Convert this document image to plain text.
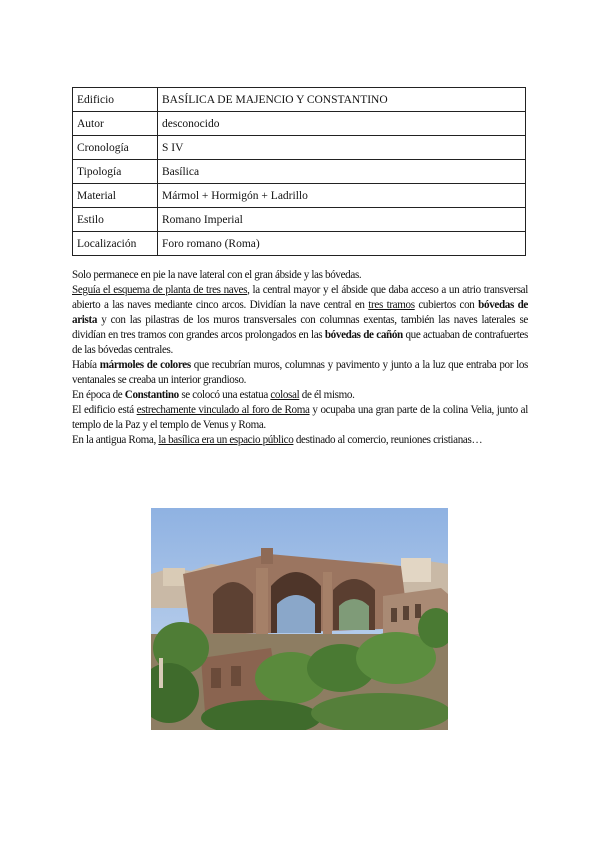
Edificio	BASÍLICA DE MAJENCIO Y CONSTANTINO
Autor	desconocido
Cronología	S IV
Tipología	Basílica
Material	Mármol + Hormigón + Ladrillo
Estilo	Romano Imperial
Localización	Foro romano (Roma)

Solo permanece en pie la nave lateral con el gran ábside y las bóvedas.

Seguía el esquema de planta de tres naves, la central mayor y el ábside que daba acceso a un atrio transversal abierto a las naves mediante cinco arcos. Dividían la nave central en tres tramos cubiertos con bóvedas de arista y con las pilastras de los muros transversales con columnas exentas, también las naves laterales se dividían en tres tramos con grandes arcos prolongados en las bóvedas de cañón que actuaban de contrafuertes de las bóvedas centrales.

Había mármoles de colores que recubrían muros, columnas y pavimento y junto a la luz que entraba por los ventanales se creaba un interior grandioso.

En época de Constantino se colocó una estatua colosal de él mismo.

El edificio está estrechamente vinculado al foro de Roma y ocupaba una gran parte de la colina Velia, junto al templo de la Paz y el templo de Venus y Roma.

En la antigua Roma, la basílica era un espacio público destinado al comercio, reuniones cristianas…
